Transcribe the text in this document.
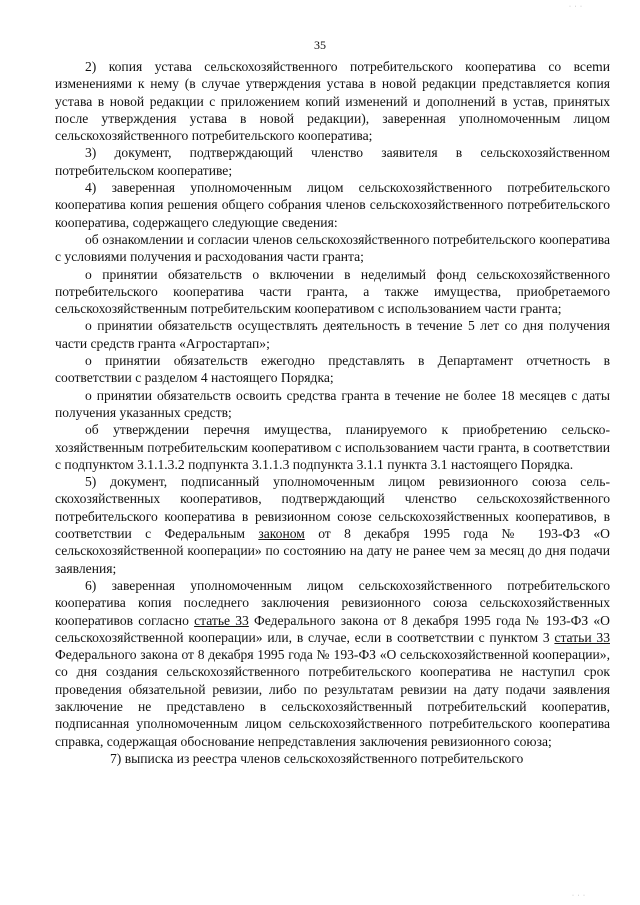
35
· · ·
· · ·

2) копия устава сельскохозяйственного потребительского кооператива со всеmи изменениями к нему (в случае утверждения устава в новой редакции представляется копия устава в новой редакции с приложением копий изменений и дополнений в устав, принятых после утверждения устава в новой редакции), заверенная уполномоченным лицом сельскохозяйственного потребительского кооператива;

3) документ, подтверждающий членство заявителя в сельскохозяйственном потребительском кооперативе;

4) заверенная уполномоченным лицом сельскохозяйственного потребительского кооператива копия решения общего собрания членов сельскохозяйственного потребительского кооператива, содержащего следующие сведения:

об ознакомлении и согласии членов сельскохозяйственного потребительского кооператива с условиями получения и расходования части гранта;

о принятии обязательств о включении в неделимый фонд сельскохозяйственного потребительского кооператива части гранта, а также имущества, приобретаемого сельскохозяйственным потребительским кооперативом с использованием части гранта;

о принятии обязательств осуществлять деятельность в течение 5 лет со дня получения части средств гранта «Агростартап»;

о принятии обязательств ежегодно представлять в Департамент отчетность в соответствии с разделом 4 настоящего Порядка;

о принятии обязательств освоить средства гранта в течение не более 18 месяцев с даты получения указанных средств;

об утверждении перечня имущества, планируемого к приобретению сельскохозяйственным потребительским кооперативом с использованием части гранта, в соответствии с подпунктом 3.1.1.3.2 подпункта 3.1.1.3 подпункта 3.1.1 пункта 3.1 настоящего Порядка.

5) документ, подписанный уполномоченным лицом ревизионного союза сельскохозяйственных кооперативов, подтверждающий членство сельскохозяйственного потребительского кооператива в ревизионном союзе сельскохозяйственных кооперативов, в соответствии с Федеральным законом от 8 декабря 1995 года № 193-ФЗ «О сельскохозяйственной кооперации» по состоянию на дату не ранее чем за месяц до дня подачи заявления;

6) заверенная уполномоченным лицом сельскохозяйственного потребительского кооператива копия последнего заключения ревизионного союза сельскохозяйственных кооперативов согласно статье 33 Федерального закона от 8 декабря 1995 года № 193-ФЗ «О сельскохозяйственной кооперации» или, в случае, если в соответствии с пунктом 3 статьи 33 Федерального закона от 8 декабря 1995 года № 193-ФЗ «О сельскохозяйственной кооперации», со дня создания сельскохозяйственного потребительского кооператива не наступил срок проведения обязательной ревизии, либо по результатам ревизии на дату подачи заявления заключение не представлено в сельскохозяйственный потребительский кооператив, подписанная уполномоченным лицом сельскохозяйственного потребительского кооператива справка, содержащая обоснование непредставления заключения ревизионного союза;

7) выписка из реестра членов сельскохозяйственного потребительского
